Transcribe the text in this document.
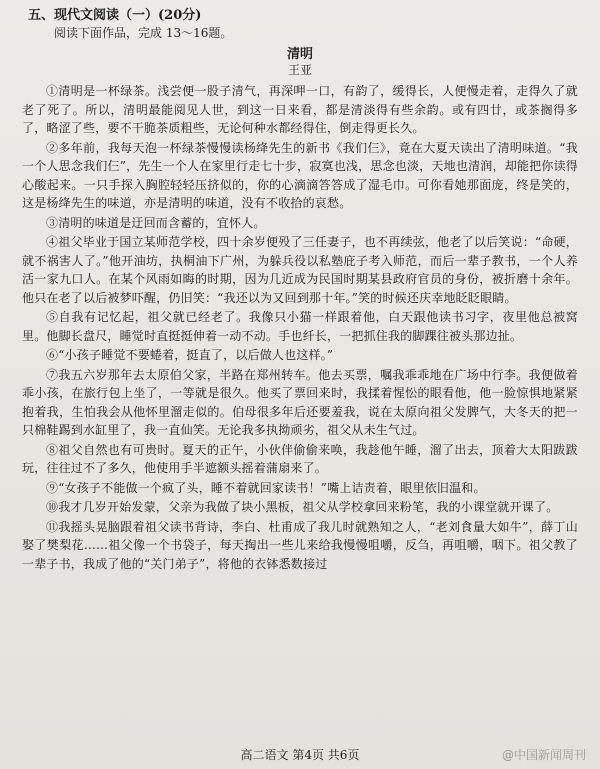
五、现代文阅读（一）(20分)
阅读下面作品，完成 13～16题。
清明
王亚

①清明是一杯绿茶。浅尝便一股子清气，再深呷一口，有韵了，缓得长，人便慢走着，走得久了就老了死了。所以，清明最能阅见人世，到这一日来看，都是清淡得有些余韵。或有四廿，或茶搁得多了，略涩了些，要不干脆茶质粗些，无论何种水都经得住，倒走得更长久。

②多年前，我每天泡一杯绿茶慢慢读杨绛先生的新书《我们仨》，竟在大夏天读出了清明味道。“我一个人思念我们仨”，先生一个人在家里行走七十步，寂寞也浅，思念也淡，天地也清润，却能把你读得心酸起来。一只手探入胸腔轻轻压挤似的，你的心滴滴答答成了湿毛巾。可你看她那面庞，终是笑的，这是杨绛先生的味道，亦是清明的味道，没有不收拾的哀愁。

③清明的味道是迂回而含蓄的，宜怀人。

④祖父毕业于国立某师范学校，四十余岁便殁了三任妻子，也不再续弦，他老了以后笑说：“命硬，就不祸害人了。”他开油坊，执桐油下广州，为躲兵役以私塾庇子考入师范，而后一辈子教书，一个人养活一家九口人。在某个风雨如晦的时期，因为几近成为民国时期某县政府官员的身份，被折磨十余年。他只在老了以后被梦吓醒，仍旧笑：“我还以为又回到那十年。”笑的时候还庆幸地眨眨眼睛。

⑤自我有记忆起，祖父就已经老了。我像只小猫一样跟着他，白天跟他读书习字，夜里他总被窝里。他脚长盘尺，睡觉时直挺挺伸着一动不动。手也纤长，一把抓住我的脚踝往被头那边扯。

⑥“小孩子睡觉不要蜷着，挺直了，以后做人也这样。”

⑦我五六岁那年去太原伯父家，半路在郑州转车。他去买票，嘱我乖乖地在广场中行李。我便做着乖小孩，在旅行包上坐了，一等就是很久。他买了票回来时，我揉着惺忪的眼看他，他一脸惊惧地紧紧抱着我，生怕我会从他怀里溜走似的。伯母很多年后还要羞我，说在太原向祖父发脾气，大冬天的把一只棉鞋踢到水缸里了，我一直仙笑。无论我多执拗顽劣，祖父从未生气过。

⑧祖父自然也有可贵时。夏天的正午，小伙伴偷偷来唤，我趁他午睡，溜了出去，顶着大太阳跋跋玩，往往过不了多久，他使用手半遮额头摇着蒲扇来了。

⑨“女孩子不能做一个疯了头，睡不着就回家读书！”嘴上诘责着，眼里依旧温和。

⑩我才几岁开始发蒙，父亲为我做了块小黑板，祖父从学校拿回来粉笔，我的小课堂就开课了。

⑪我摇头晃脑跟着祖父读书背诗，李白、杜甫成了我儿时就熟知之人，“老刘食量大如牛”，薛丁山娶了樊梨花……祖父像一个书袋子，每天掏出一些儿来给我慢慢咀嚼，反刍，再咀嚼，咽下。祖父教了一辈子书，我成了他的“关门弟子”，将他的衣钵悉数接过

高二语文 第4页 共6页	@中国新闻周刊
